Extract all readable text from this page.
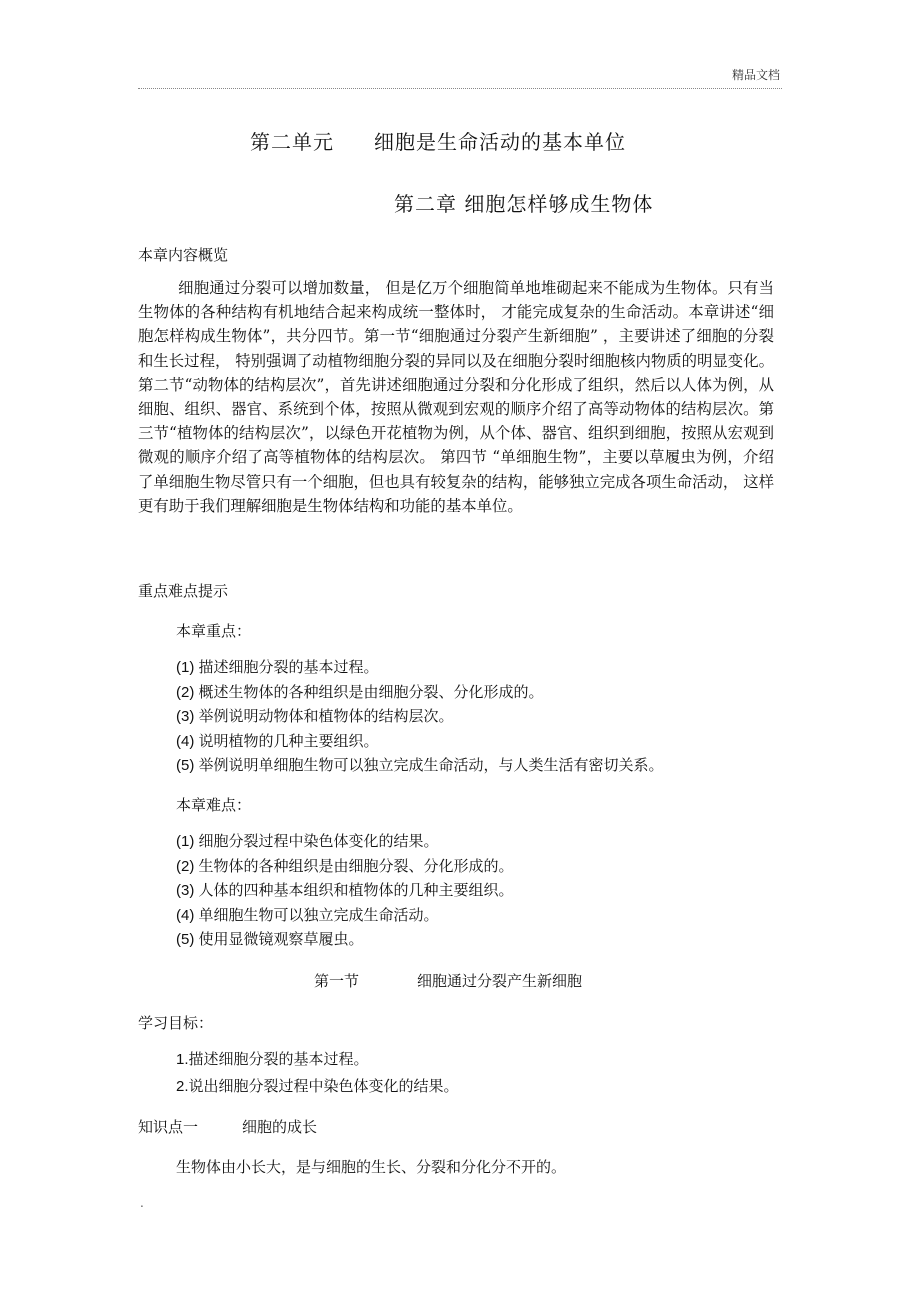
精品文档
第二单元 细胞是生命活动的基本单位
第二章 细胞怎样够成生物体
本章内容概览
细胞通过分裂可以增加数量， 但是亿万个细胞简单地堆砌起来不能成为生物体。只有当生物体的各种结构有机地结合起来构成统一整体时， 才能完成复杂的生命活动。本章讲述“细胞怎样构成生物体”，共分四节。第一节“细胞通过分裂产生新细胞” ，主要讲述了细胞的分裂和生长过程， 特别强调了动植物细胞分裂的异同以及在细胞分裂时细胞核内物质的明显变化。 第二节“动物体的结构层次”，首先讲述细胞通过分裂和分化形成了组织，然后以人体为例，从细胞、组织、器官、系统到个体，按照从微观到宏观的顺序介绍了高等动物体的结构层次。第三节“植物体的结构层次”，以绿色开花植物为例，从个体、器官、组织到细胞，按照从宏观到微观的顺序介绍了高等植物体的结构层次。 第四节 “单细胞生物”，主要以草履虫为例，介绍了单细胞生物尽管只有一个细胞，但也具有较复杂的结构，能够独立完成各项生命活动， 这样更有助于我们理解细胞是生物体结构和功能的基本单位。
重点难点提示
本章重点：
(1) 描述细胞分裂的基本过程。
(2) 概述生物体的各种组织是由细胞分裂、分化形成的。
(3) 举例说明动物体和植物体的结构层次。
(4) 说明植物的几种主要组织。
(5) 举例说明单细胞生物可以独立完成生命活动，与人类生活有密切关系。
本章难点：
(1) 细胞分裂过程中染色体变化的结果。
(2) 生物体的各种组织是由细胞分裂、分化形成的。
(3) 人体的四种基本组织和植物体的几种主要组织。
(4) 单细胞生物可以独立完成生命活动。
(5) 使用显微镜观察草履虫。
第一节	细胞通过分裂产生新细胞
学习目标：
1.描述细胞分裂的基本过程。
2.说出细胞分裂过程中染色体变化的结果。
知识点一	细胞的成长
生物体由小长大，是与细胞的生长、分裂和分化分不开的。
.
